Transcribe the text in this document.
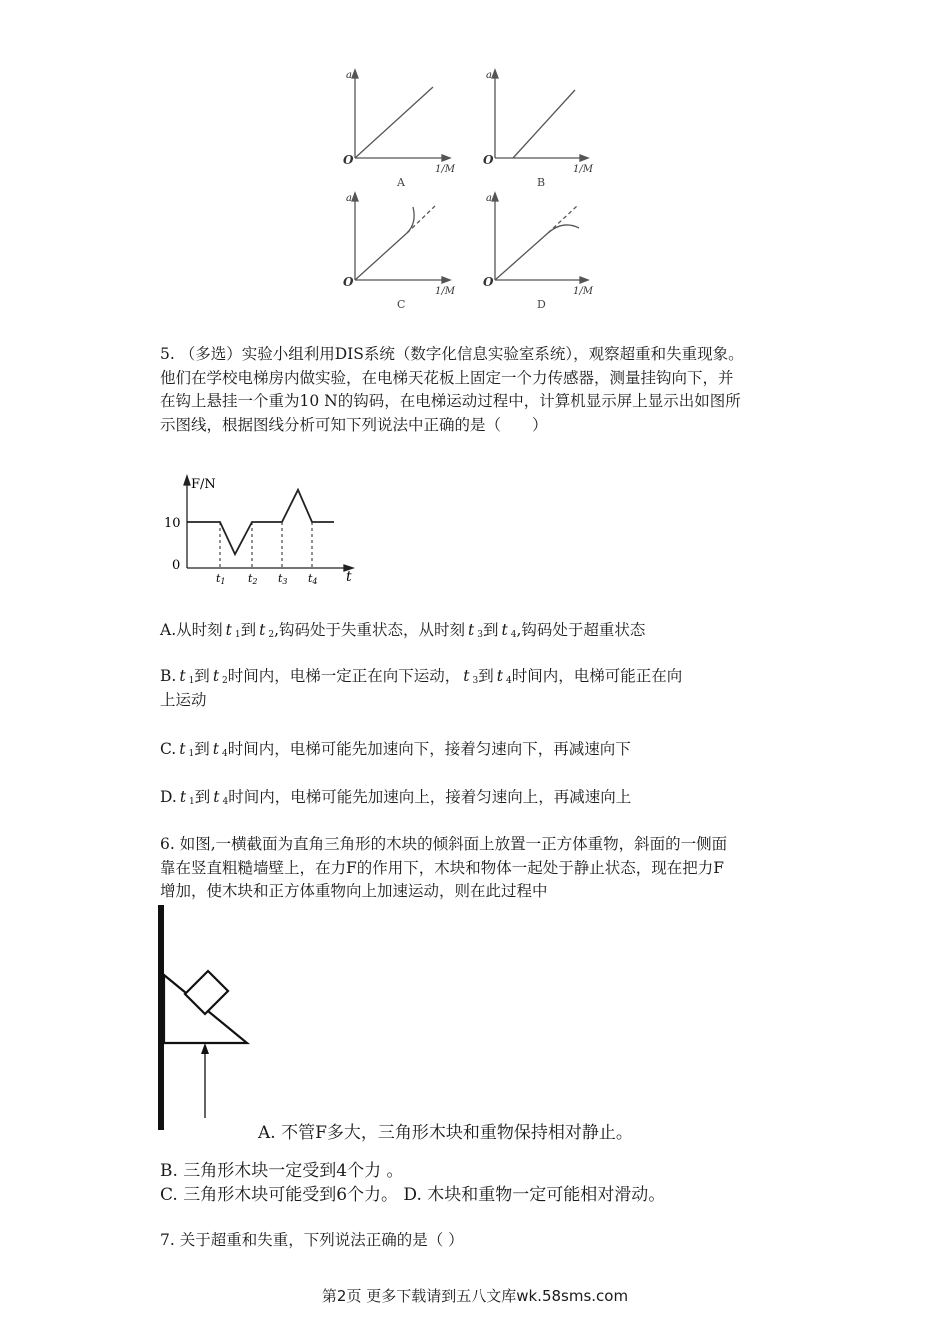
a	a
a	a
1/M	1/M
1/M	1/M
O	O
O	O
A	B
C	D

5. （多选）实验小组利用DIS系统（数字化信息实验室系统），观察超重和失重现象。

他们在学校电梯房内做实验，在电梯天花板上固定一个力传感器，测量挂钩向下，并

在钩上悬挂一个重为10 N的钩码，在电梯运动过程中，计算机显示屏上显示出如图所

示图线，根据图线分析可知下列说法中正确的是（　　）

F/N
t
10
0
t1 t2 t3 t4
A.从时刻 t $_1$到 t $_2$,钩码处于失重状态，从时刻 t $_3$到 t $_4$,钩码处于超重状态
B. t $_1$到 t $_2$时间内，电梯一定正在向下运动， t $_3$到 t $_4$时间内，电梯可能正在向
上运动
C. t $_1$到 t $_4$时间内，电梯可能先加速向下，接着匀速向下，再减速向下
D. t $_1$到 t $_4$时间内，电梯可能先加速向上，接着匀速向上，再减速向上

6. 如图,一横截面为直角三角形的木块的倾斜面上放置一正方体重物，斜面的一侧面

靠在竖直粗糙墙壁上，在力F的作用下，木块和物体一起处于静止状态，现在把力F

增加，使木块和正方体重物向上加速运动，则在此过程中

A. 不管F多大，三角形木块和重物保持相对静止。
B. 三角形木块一定受到4个力 。
C. 三角形木块可能受到6个力。 D. 木块和重物一定可能相对滑动。
7. 关于超重和失重，下列说法正确的是（ ）
第2页 更多下载请到五八文库wk.58sms.com
